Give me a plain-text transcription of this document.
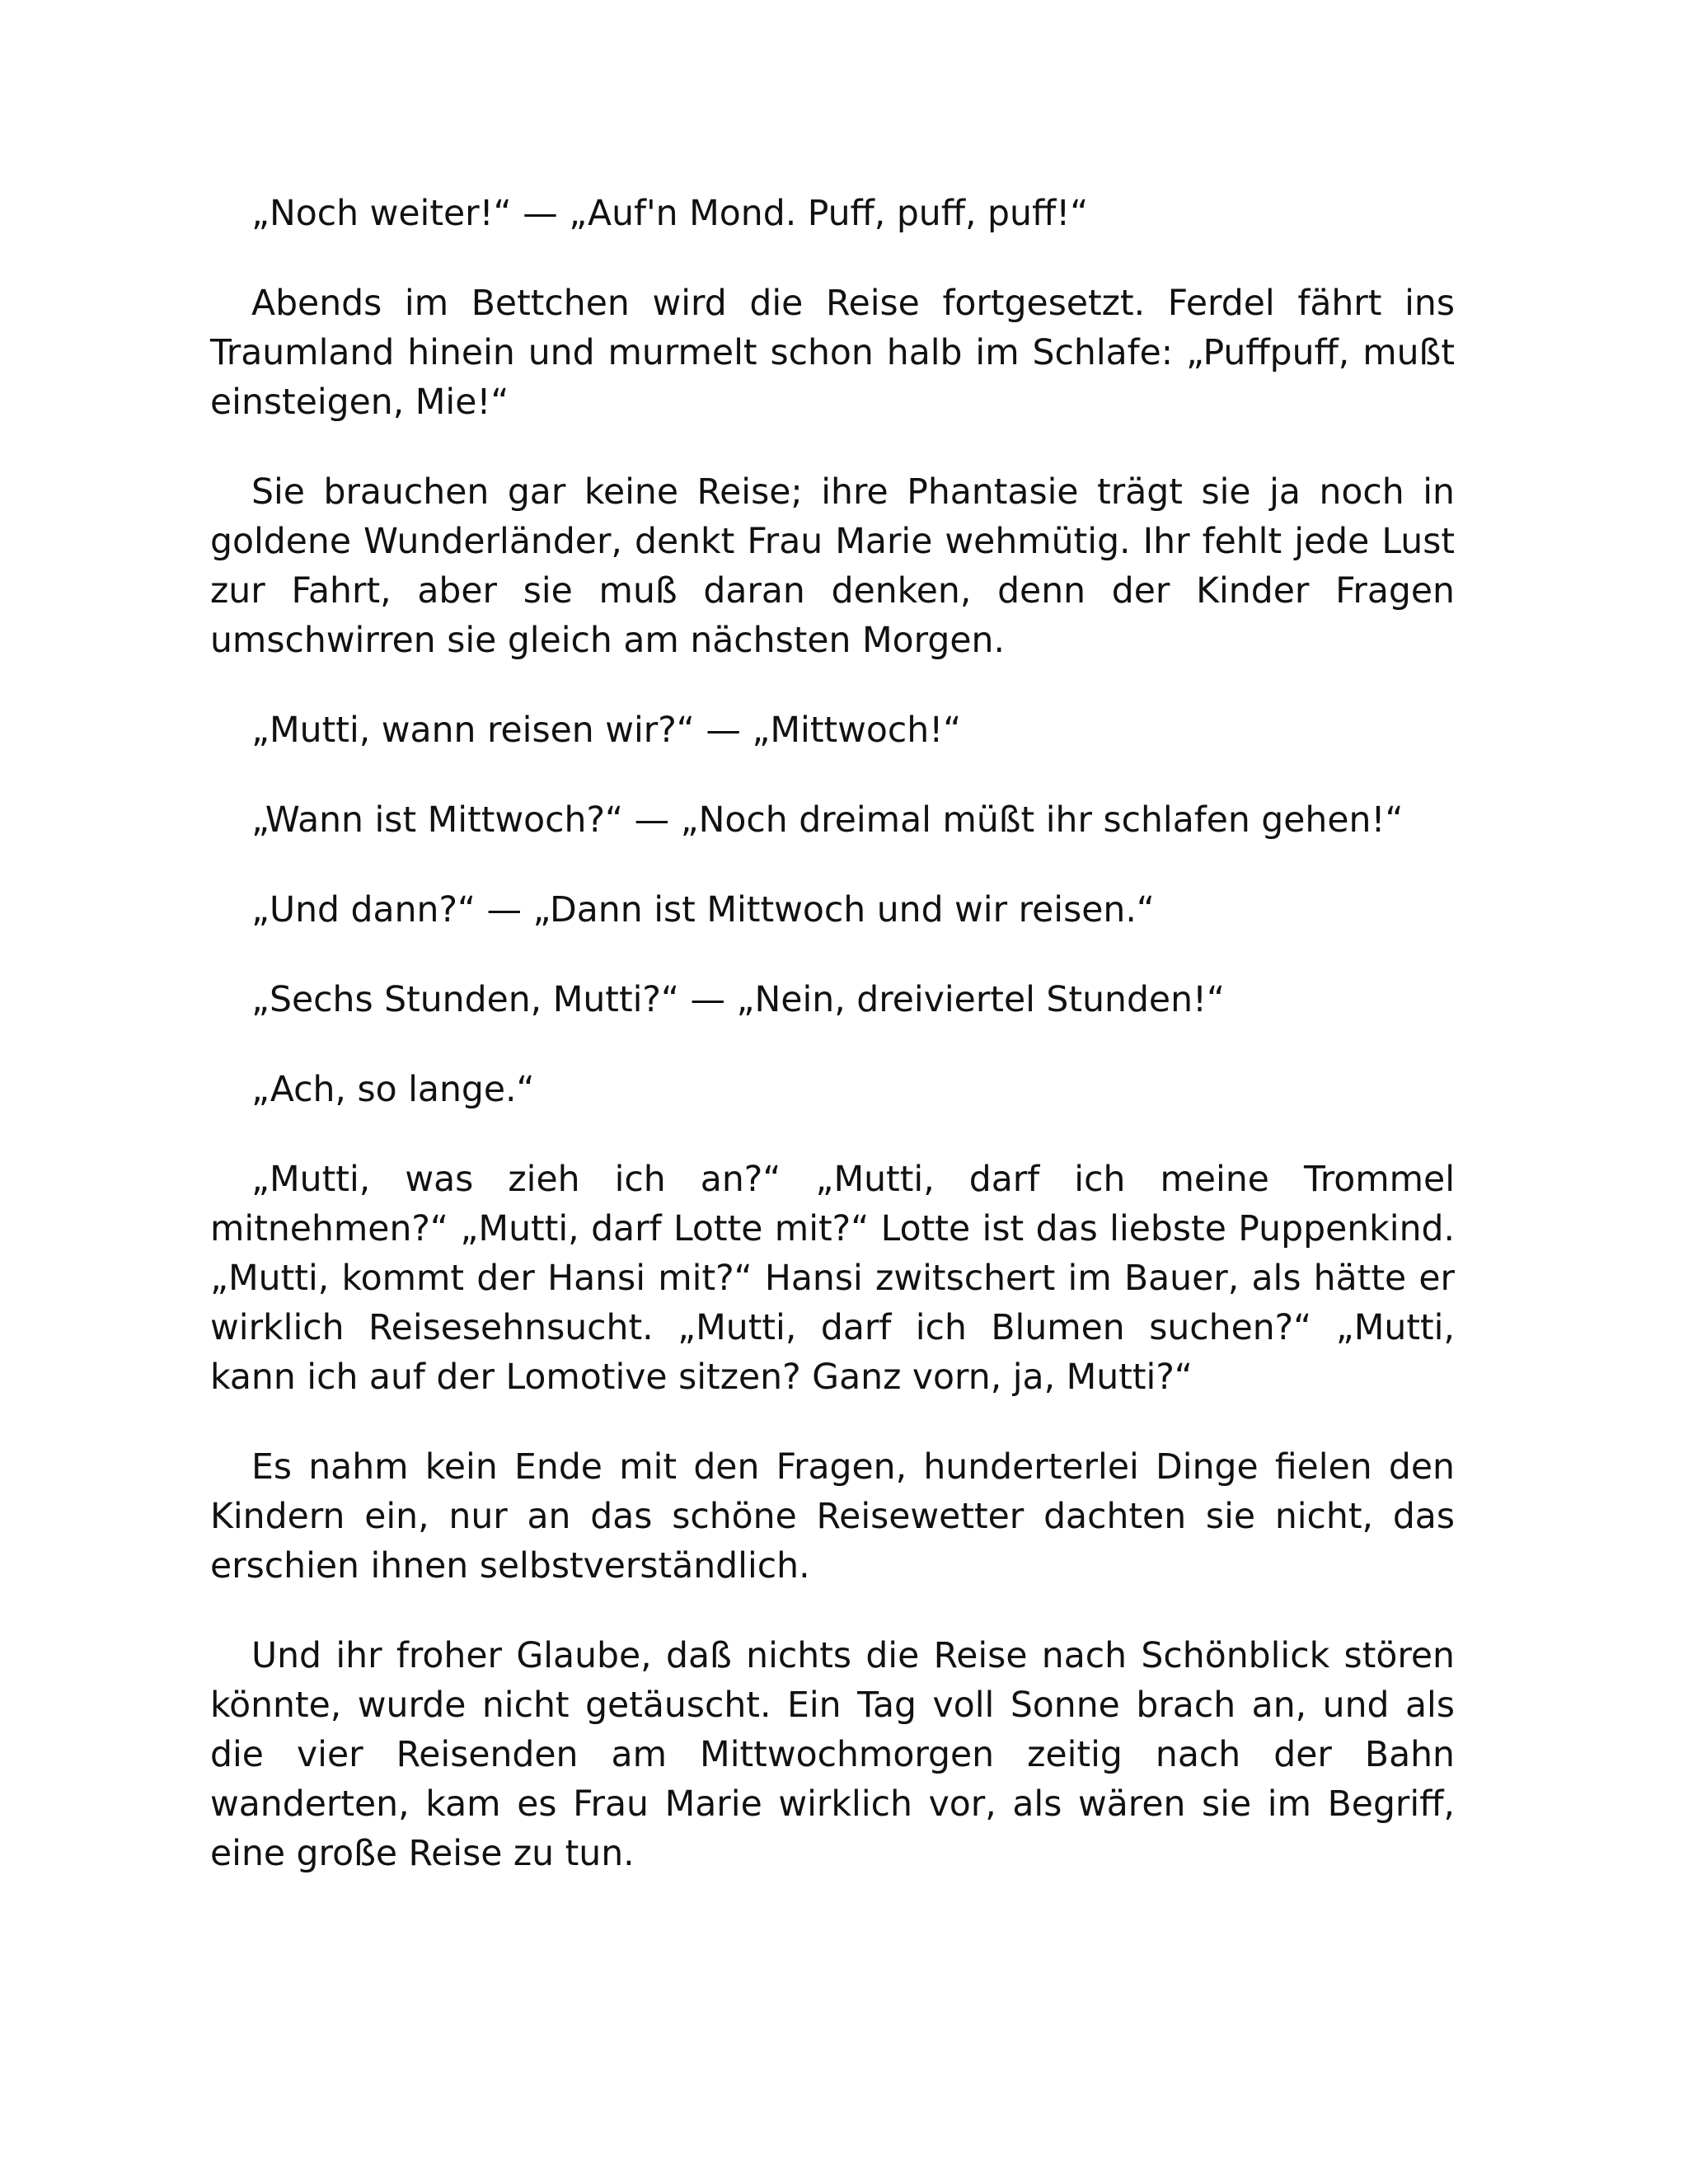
„Noch weiter!“ — „Auf'n Mond. Puff, puff, puff!“

Abends im Bettchen wird die Reise fortgesetzt. Ferdel fährt ins Traumland hinein und murmelt schon halb im Schlafe: „Puffpuff, mußt einsteigen, Mie!“

Sie brauchen gar keine Reise; ihre Phantasie trägt sie ja noch in goldene Wunderländer, denkt Frau Marie wehmütig. Ihr fehlt jede Lust zur Fahrt, aber sie muß daran denken, denn der Kinder Fragen umschwirren sie gleich am nächsten Morgen.

„Mutti, wann reisen wir?“ — „Mittwoch!“

„Wann ist Mittwoch?“ — „Noch dreimal müßt ihr schlafen gehen!“

„Und dann?“ — „Dann ist Mittwoch und wir reisen.“

„Sechs Stunden, Mutti?“ — „Nein, dreiviertel Stunden!“

„Ach, so lange.“

„Mutti, was zieh ich an?“ „Mutti, darf ich meine Trommel mitnehmen?“ „Mutti, darf Lotte mit?“ Lotte ist das liebste Puppenkind. „Mutti, kommt der Hansi mit?“ Hansi zwitschert im Bauer, als hätte er wirklich Reisesehnsucht. „Mutti, darf ich Blumen suchen?“ „Mutti, kann ich auf der Lomotive sitzen? Ganz vorn, ja, Mutti?“

Es nahm kein Ende mit den Fragen, hunderterlei Dinge fielen den Kindern ein, nur an das schöne Reisewetter dachten sie nicht, das erschien ihnen selbstverständlich.

Und ihr froher Glaube, daß nichts die Reise nach Schönblick stören könnte, wurde nicht getäuscht. Ein Tag voll Sonne brach an, und als die vier Reisenden am Mittwochmorgen zeitig nach der Bahn wanderten, kam es Frau Marie wirklich vor, als wären sie im Begriff, eine große Reise zu tun.
